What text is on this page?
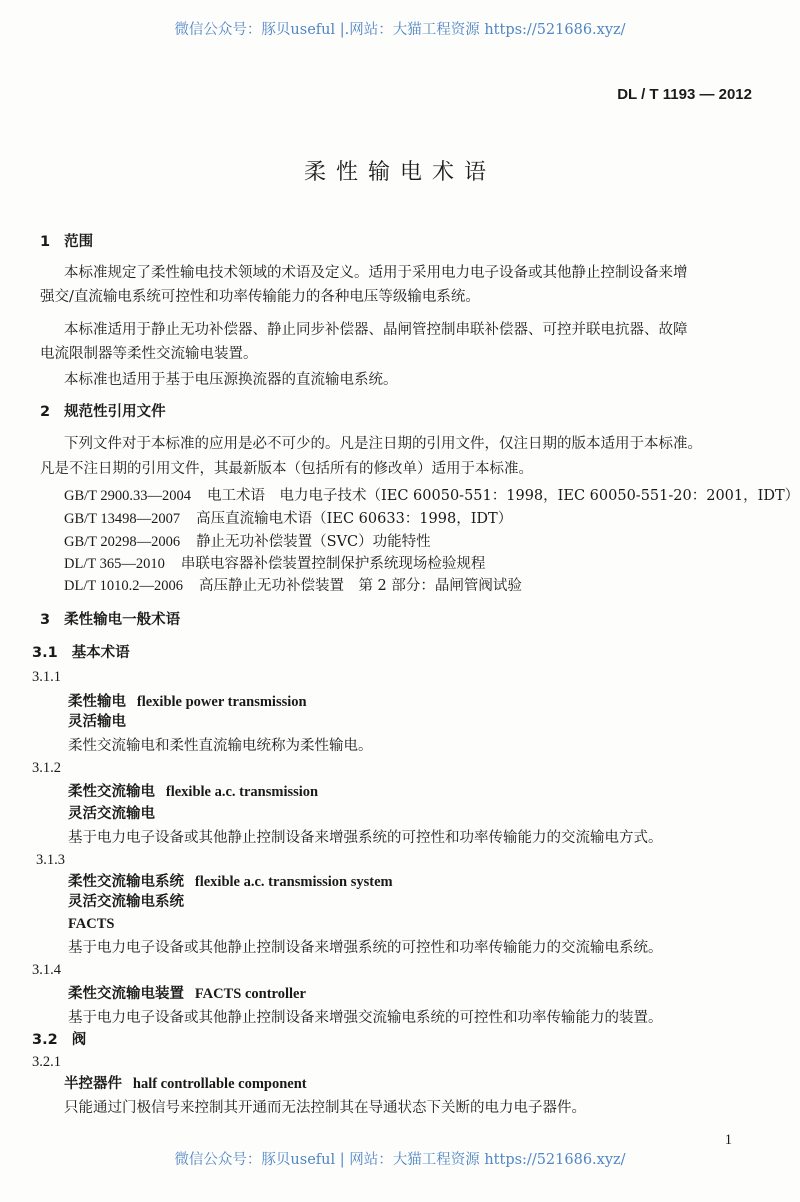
微信公众号：豚贝useful |.网站：大猫工程资源 https://521686.xyz/
DL / T 1193 — 2012
柔性输电术语
1 范围
本标准规定了柔性输电技术领域的术语及定义。适用于采用电力电子设备或其他静止控制设备来增
强交/直流输电系统可控性和功率传输能力的各种电压等级输电系统。
本标准适用于静止无功补偿器、静止同步补偿器、晶闸管控制串联补偿器、可控并联电抗器、故障
电流限制器等柔性交流输电装置。
本标准也适用于基于电压源换流器的直流输电系统。
2 规范性引用文件
下列文件对于本标准的应用是必不可少的。凡是注日期的引用文件，仅注日期的版本适用于本标准。
凡是不注日期的引用文件，其最新版本（包括所有的修改单）适用于本标准。
GB/T 2900.33—2004 电工术语　电力电子技术（IEC 60050-551：1998，IEC 60050-551-20：2001，IDT）
GB/T 13498—2007 高压直流输电术语（IEC 60633：1998，IDT）
GB/T 20298—2006 静止无功补偿装置（SVC）功能特性
DL/T 365—2010 串联电容器补偿装置控制保护系统现场检验规程
DL/T 1010.2—2006 高压静止无功补偿装置　第 2 部分：晶闸管阀试验
3 柔性输电一般术语
3.1 基本术语
3.1.1
柔性输电 flexible power transmission
灵活输电
柔性交流输电和柔性直流输电统称为柔性输电。
3.1.2
柔性交流输电 flexible a.c. transmission
灵活交流输电
基于电力电子设备或其他静止控制设备来增强系统的可控性和功率传输能力的交流输电方式。
3.1.3
柔性交流输电系统 flexible a.c. transmission system
灵活交流输电系统
FACTS
基于电力电子设备或其他静止控制设备来增强系统的可控性和功率传输能力的交流输电系统。
3.1.4
柔性交流输电装置 FACTS controller
基于电力电子设备或其他静止控制设备来增强交流输电系统的可控性和功率传输能力的装置。
3.2 阀
3.2.1
半控器件 half controllable component
只能通过门极信号来控制其开通而无法控制其在导通状态下关断的电力电子器件。
1
微信公众号：豚贝useful | 网站：大猫工程资源 https://521686.xyz/
